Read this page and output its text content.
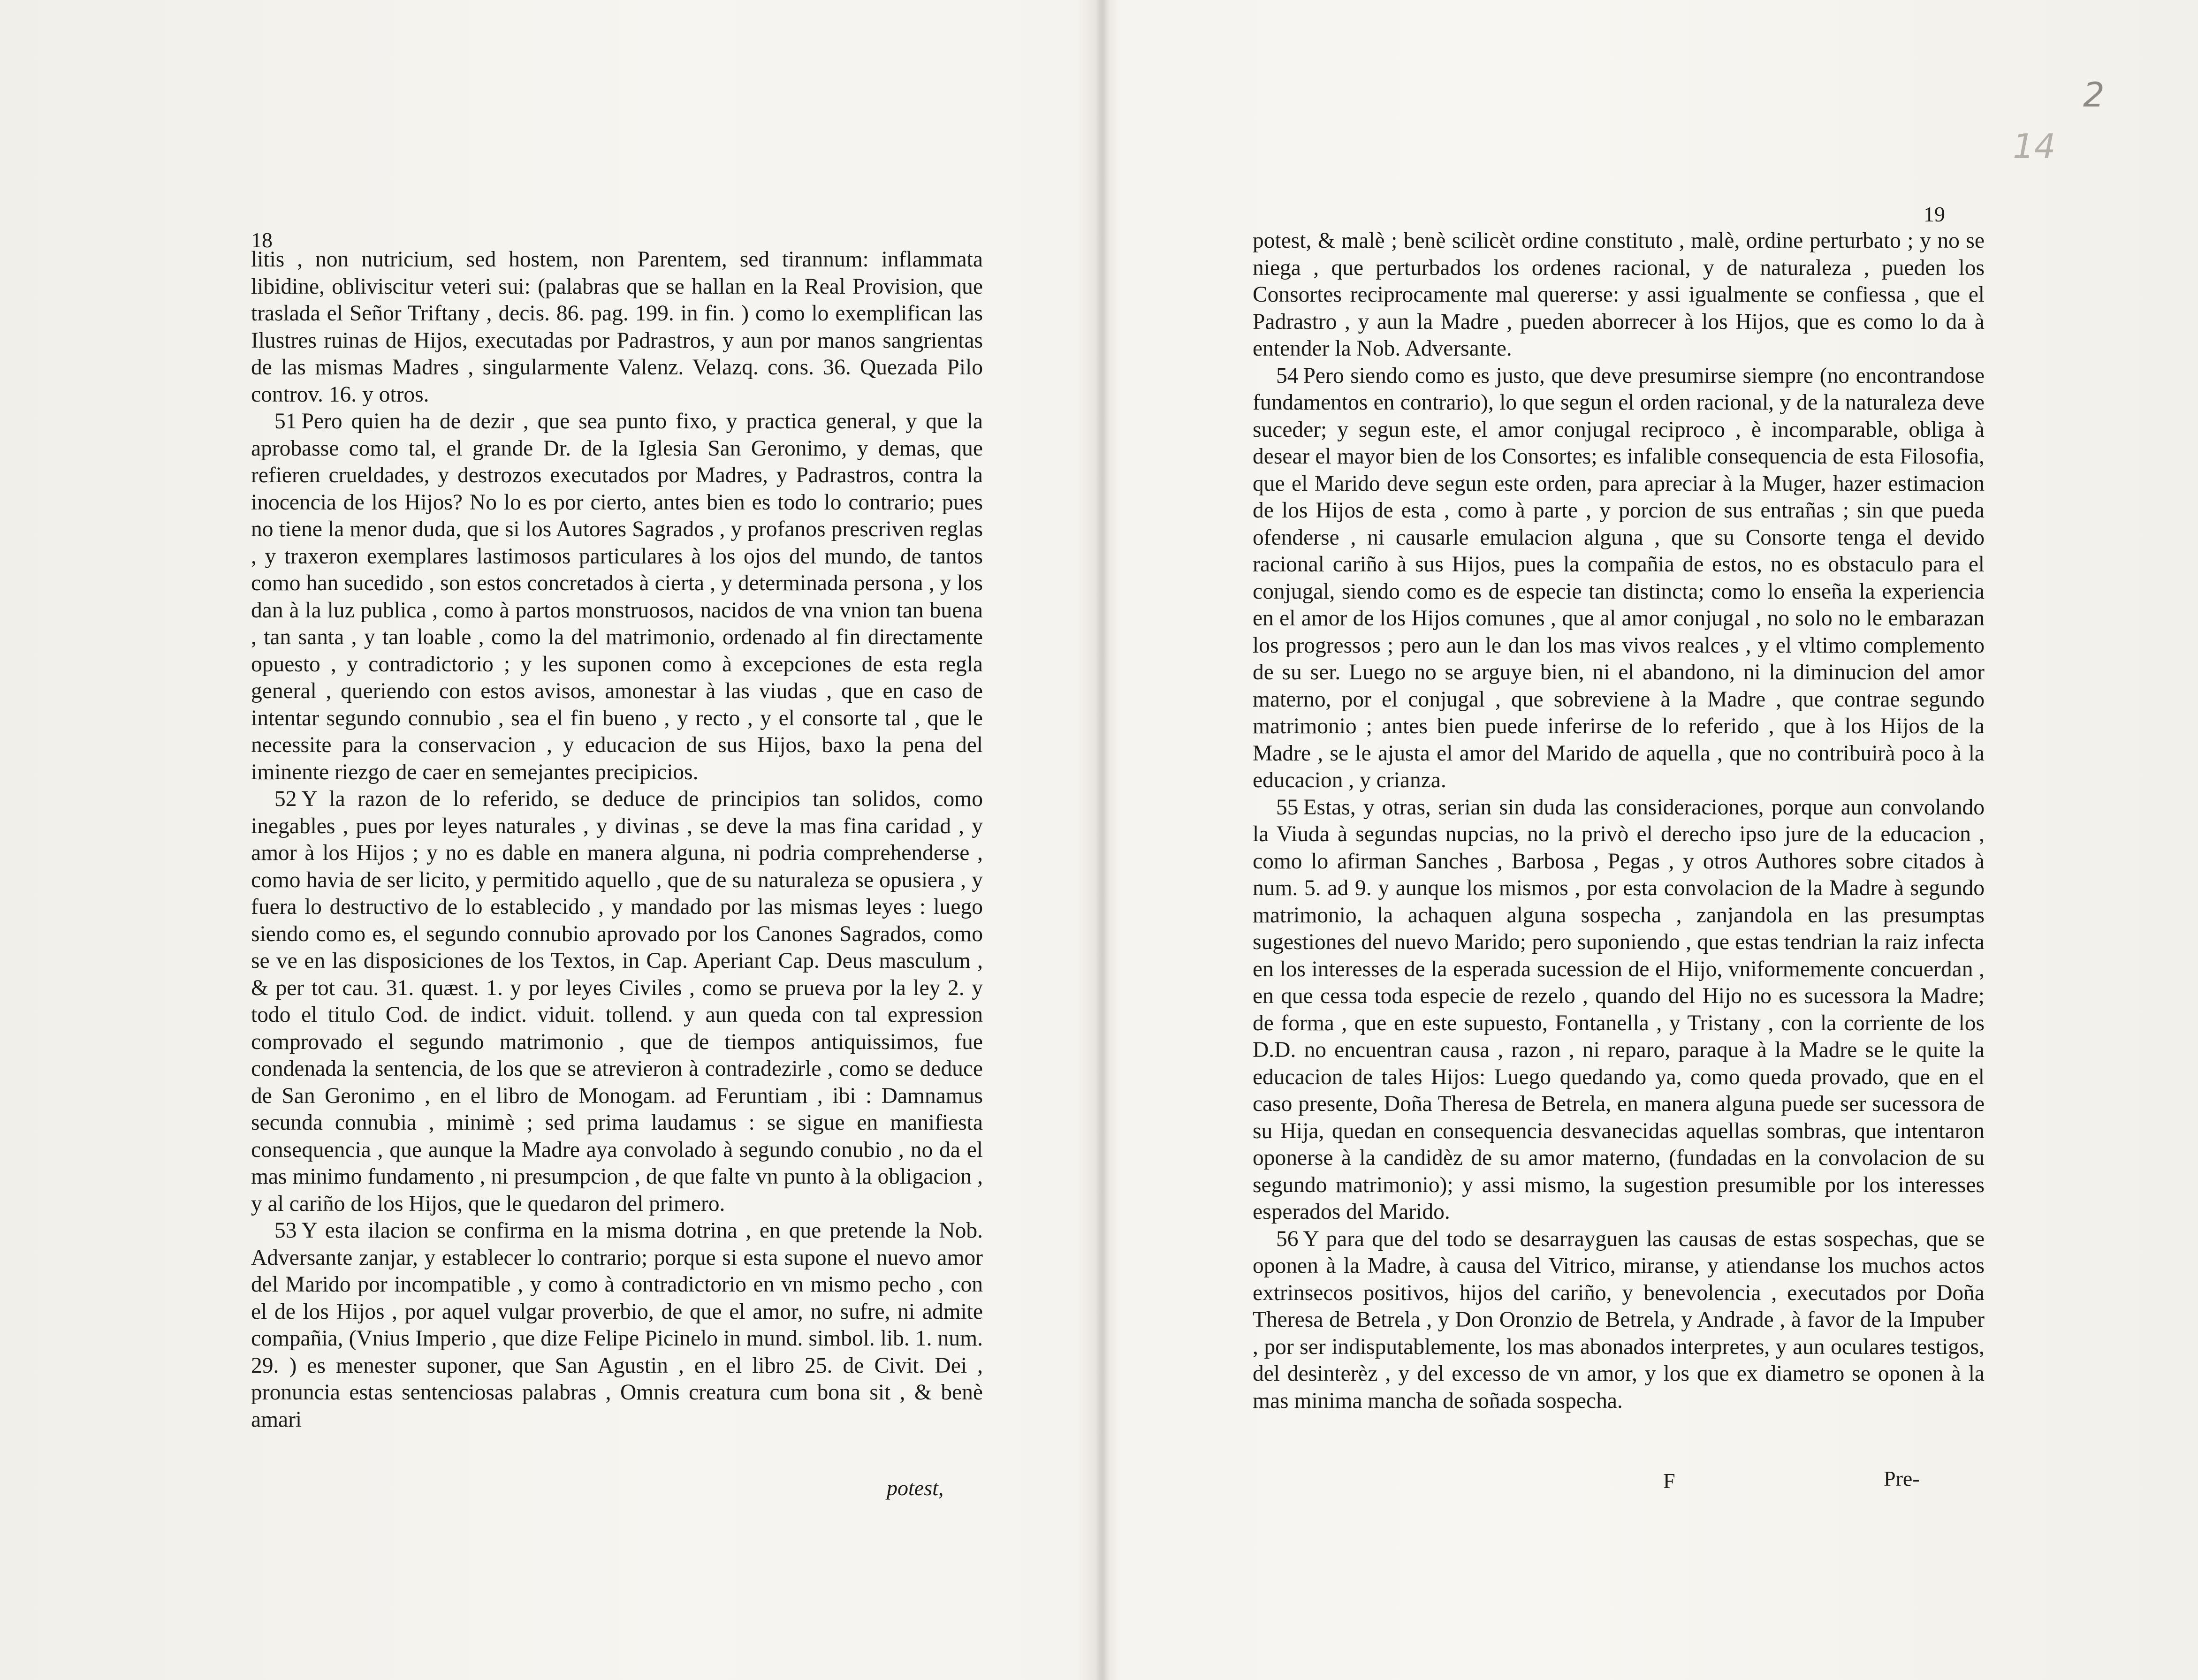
2
14
18

litis , non nutricium, sed hostem, non Parentem, sed tirannum: inflammata libidine, obliviscitur veteri sui: (palabras que se hallan en la Real Provision, que traslada el Señor Triftany , decis. 86. pag. 199. in fin. ) como lo exemplifican las Ilustres ruinas de Hijos, executadas por Padrastros, y aun por manos sangrientas de las mismas Madres , singularmente Valenz. Velazq. cons. 36. Quezada Pilo controv. 16. y otros.

51 Pero quien ha de dezir , que sea punto fixo, y practica general, y que la aprobasse como tal, el grande Dr. de la Iglesia San Geronimo, y demas, que refieren crueldades, y destrozos executados por Madres, y Padrastros, contra la inocencia de los Hijos? No lo es por cierto, antes bien es todo lo contrario; pues no tiene la menor duda, que si los Autores Sagrados , y profanos prescriven reglas , y traxeron exemplares lastimosos particulares à los ojos del mundo, de tantos como han sucedido , son estos concretados à cierta , y determinada persona , y los dan à la luz publica , como à partos monstruosos, nacidos de vna vnion tan buena , tan santa , y tan loable , como la del matrimonio, ordenado al fin directamente opuesto , y contradictorio ; y les suponen como à excepciones de esta regla general , queriendo con estos avisos, amonestar à las viudas , que en caso de intentar segundo connubio , sea el fin bueno , y recto , y el consorte tal , que le necessite para la conservacion , y educacion de sus Hijos, baxo la pena del iminente riezgo de caer en semejantes precipicios.

52 Y la razon de lo referido, se deduce de principios tan solidos, como inegables , pues por leyes naturales , y divinas , se deve la mas fina caridad , y amor à los Hijos ; y no es dable en manera alguna, ni podria comprehenderse , como havia de ser licito, y permitido aquello , que de su naturaleza se opusiera , y fuera lo destructivo de lo establecido , y mandado por las mismas leyes : luego siendo como es, el segundo connubio aprovado por los Canones Sagrados, como se ve en las disposiciones de los Textos, in Cap. Aperiant Cap. Deus masculum , & per tot cau. 31. quæst. 1. y por leyes Civiles , como se prueva por la ley 2. y todo el titulo Cod. de indict. viduit. tollend. y aun queda con tal expression comprovado el segundo matrimonio , que de tiempos antiquissimos, fue condenada la sentencia, de los que se atrevieron à contradezirle , como se deduce de San Geronimo , en el libro de Monogam. ad Feruntiam , ibi : Damnamus secunda connubia , minimè ; sed prima laudamus : se sigue en manifiesta consequencia , que aunque la Madre aya convolado à segundo conubio , no da el mas minimo fundamento , ni presumpcion , de que falte vn punto à la obligacion , y al cariño de los Hijos, que le quedaron del primero.

53 Y esta ilacion se confirma en la misma dotrina , en que pretende la Nob. Adversante zanjar, y establecer lo contrario; porque si esta supone el nuevo amor del Marido por incompatible , y como à contradictorio en vn mismo pecho , con el de los Hijos , por aquel vulgar proverbio, de que el amor, no sufre, ni admite compañia, (Vnius Imperio , que dize Felipe Picinelo in mund. simbol. lib. 1. num. 29. ) es menester suponer, que San Agustin , en el libro 25. de Civit. Dei , pronuncia estas sentenciosas palabras , Omnis creatura cum bona sit , & benè amari

potest,
19

potest, & malè ; benè scilicèt ordine constituto , malè, ordine perturbato ; y no se niega , que perturbados los ordenes racional, y de naturaleza , pueden los Consortes reciprocamente mal quererse: y assi igualmente se confiessa , que el Padrastro , y aun la Madre , pueden aborrecer à los Hijos, que es como lo da à entender la Nob. Adversante.

54 Pero siendo como es justo, que deve presumirse siempre (no encontrandose fundamentos en contrario), lo que segun el orden racional, y de la naturaleza deve suceder; y segun este, el amor conjugal reciproco , è incomparable, obliga à desear el mayor bien de los Consortes; es infalible consequencia de esta Filosofia, que el Marido deve segun este orden, para apreciar à la Muger, hazer estimacion de los Hijos de esta , como à parte , y porcion de sus entrañas ; sin que pueda ofenderse , ni causarle emulacion alguna , que su Consorte tenga el devido racional cariño à sus Hijos, pues la compañia de estos, no es obstaculo para el conjugal, siendo como es de especie tan distincta; como lo enseña la experiencia en el amor de los Hijos comunes , que al amor conjugal , no solo no le embarazan los progressos ; pero aun le dan los mas vivos realces , y el vltimo complemento de su ser. Luego no se arguye bien, ni el abandono, ni la diminucion del amor materno, por el conjugal , que sobreviene à la Madre , que contrae segundo matrimonio ; antes bien puede inferirse de lo referido , que à los Hijos de la Madre , se le ajusta el amor del Marido de aquella , que no contribuirà poco à la educacion , y crianza.

55 Estas, y otras, serian sin duda las consideraciones, porque aun convolando la Viuda à segundas nupcias, no la privò el derecho ipso jure de la educacion , como lo afirman Sanches , Barbosa , Pegas , y otros Authores sobre citados à num. 5. ad 9. y aunque los mismos , por esta convolacion de la Madre à segundo matrimonio, la achaquen alguna sospecha , zanjandola en las presumptas sugestiones del nuevo Marido; pero suponiendo , que estas tendrian la raiz infecta en los interesses de la esperada sucession de el Hijo, vniformemente concuerdan , en que cessa toda especie de rezelo , quando del Hijo no es sucessora la Madre; de forma , que en este supuesto, Fontanella , y Tristany , con la corriente de los D.D. no encuentran causa , razon , ni reparo, paraque à la Madre se le quite la educacion de tales Hijos: Luego quedando ya, como queda provado, que en el caso presente, Doña Theresa de Betrela, en manera alguna puede ser sucessora de su Hija, quedan en consequencia desvanecidas aquellas sombras, que intentaron oponerse à la candidèz de su amor materno, (fundadas en la convolacion de su segundo matrimonio); y assi mismo, la sugestion presumible por los interesses esperados del Marido.

56 Y para que del todo se desarrayguen las causas de estas sospechas, que se oponen à la Madre, à causa del Vitrico, miranse, y atiendanse los muchos actos extrinsecos positivos, hijos del cariño, y benevolencia , executados por Doña Theresa de Betrela , y Don Oronzio de Betrela, y Andrade , à favor de la Impuber , por ser indisputablemente, los mas abonados interpretes, y aun oculares testigos, del desinterèz , y del excesso de vn amor, y los que ex diametro se oponen à la mas minima mancha de soñada sospecha.

F	Pre-
